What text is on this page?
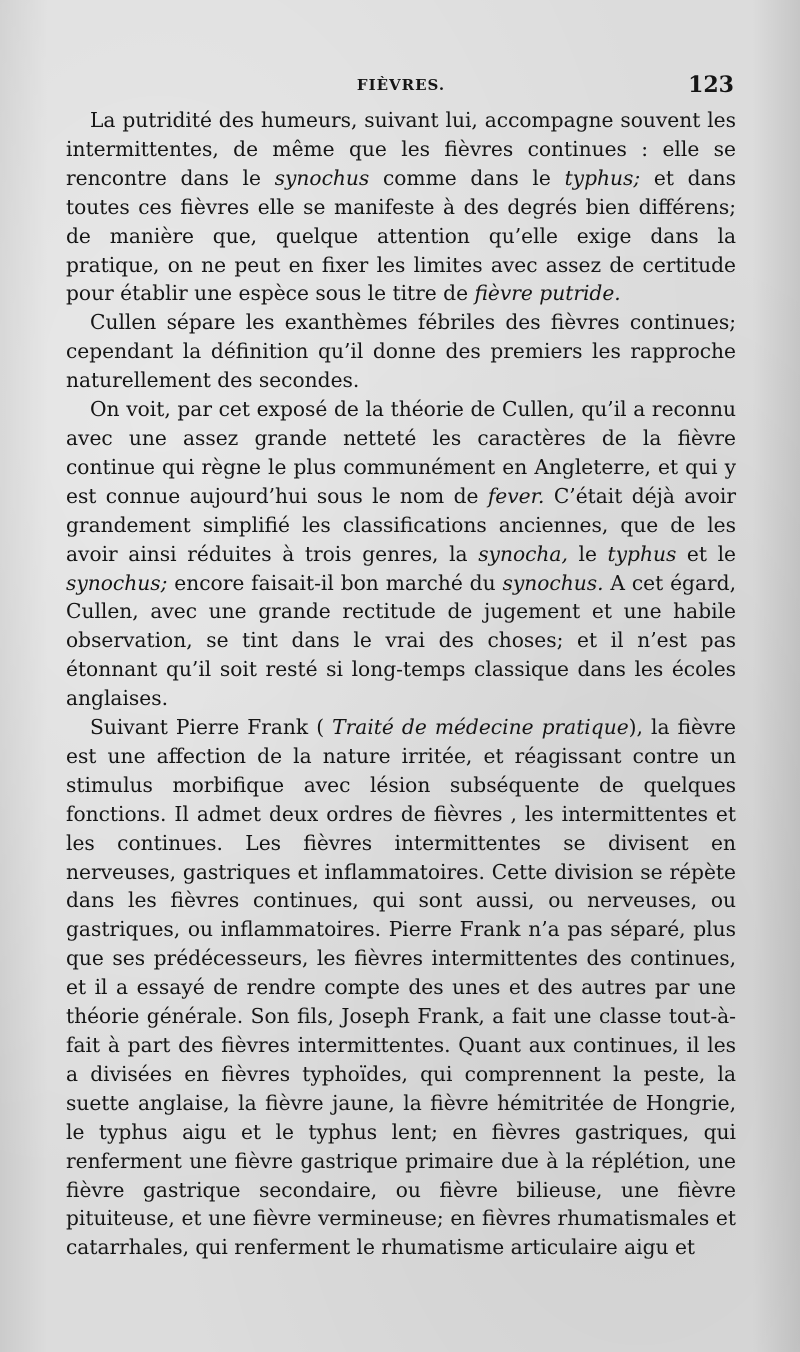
FIÈVRES.	123

La putridité des humeurs, suivant lui, accompagne souvent les intermittentes, de même que les fièvres continues : elle se rencontre dans le synochus comme dans le typhus; et dans toutes ces fièvres elle se manifeste à des degrés bien différens; de manière que, quelque attention qu’elle exige dans la pratique, on ne peut en fixer les limites avec assez de certitude pour établir une espèce sous le titre de fièvre putride.

Cullen sépare les exanthèmes fébriles des fièvres continues; cependant la définition qu’il donne des premiers les rapproche naturellement des secondes.

On voit, par cet exposé de la théorie de Cullen, qu’il a reconnu avec une assez grande netteté les caractères de la fièvre continue qui règne le plus communément en Angleterre, et qui y est connue aujourd’hui sous le nom de fever. C’était déjà avoir grandement simplifié les classifications anciennes, que de les avoir ainsi réduites à trois genres, la synocha, le typhus et le synochus; encore faisait-il bon marché du synochus. A cet égard, Cullen, avec une grande rectitude de jugement et une habile observation, se tint dans le vrai des choses; et il n’est pas étonnant qu’il soit resté si long-temps classique dans les écoles anglaises.

Suivant Pierre Frank ( Traité de médecine pratique), la fièvre est une affection de la nature irritée, et réagissant contre un stimulus morbifique avec lésion subséquente de quelques fonctions. Il admet deux ordres de fièvres , les intermittentes et les continues. Les fièvres intermittentes se divisent en nerveuses, gastriques et inflammatoires. Cette division se répète dans les fièvres continues, qui sont aussi, ou nerveuses, ou gastriques, ou inflammatoires. Pierre Frank n’a pas séparé, plus que ses prédécesseurs, les fièvres intermittentes des continues, et il a essayé de rendre compte des unes et des autres par une théorie générale. Son fils, Joseph Frank, a fait une classe tout-à-fait à part des fièvres intermittentes. Quant aux continues, il les a divisées en fièvres typhoïdes, qui comprennent la peste, la suette anglaise, la fièvre jaune, la fièvre hémitritée de Hongrie, le typhus aigu et le typhus lent; en fièvres gastriques, qui renferment une fièvre gastrique primaire due à la réplétion, une fièvre gastrique secondaire, ou fièvre bilieuse, une fièvre pituiteuse, et une fièvre vermineuse; en fièvres rhumatismales et catarrhales, qui renferment le rhumatisme articulaire aigu et
